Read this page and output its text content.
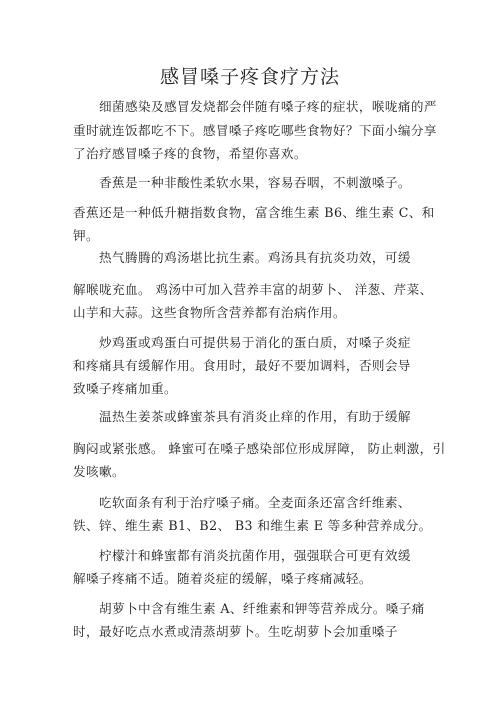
感冒嗓子疼食疗方法
细菌感染及感冒发烧都会伴随有嗓子疼的症状，喉咙痛的严
重时就连饭都吃不下。感冒嗓子疼吃哪些食物好？下面小编分享
了治疗感冒嗓子疼的食物，希望你喜欢。
香蕉是一种非酸性柔软水果，容易吞咽，不刺激嗓子。
香蕉还是一种低升糖指数食物，富含维生素 B6、维生素 C、和
钾。
热气腾腾的鸡汤堪比抗生素。鸡汤具有抗炎功效，可缓
解喉咙充血。 鸡汤中可加入营养丰富的胡萝卜、 洋葱、芹菜、
山芋和大蒜。这些食物所含营养都有治病作用。
炒鸡蛋或鸡蛋白可提供易于消化的蛋白质，对嗓子炎症
和疼痛具有缓解作用。食用时，最好不要加调料，否则会导
致嗓子疼痛加重。
温热生姜茶或蜂蜜茶具有消炎止痒的作用，有助于缓解
胸闷或紧张感。 蜂蜜可在嗓子感染部位形成屏障， 防止刺激，引
发咳嗽。
吃软面条有利于治疗嗓子痛。全麦面条还富含纤维素、
铁、锌、维生素 B1、B2、 B3 和维生素 E 等多种营养成分。
柠檬汁和蜂蜜都有消炎抗菌作用，强强联合可更有效缓
解嗓子疼痛不适。随着炎症的缓解，嗓子疼痛减轻。
胡萝卜中含有维生素 A、纤维素和钾等营养成分。嗓子痛
时，最好吃点水煮或清蒸胡萝卜。生吃胡萝卜会加重嗓子
